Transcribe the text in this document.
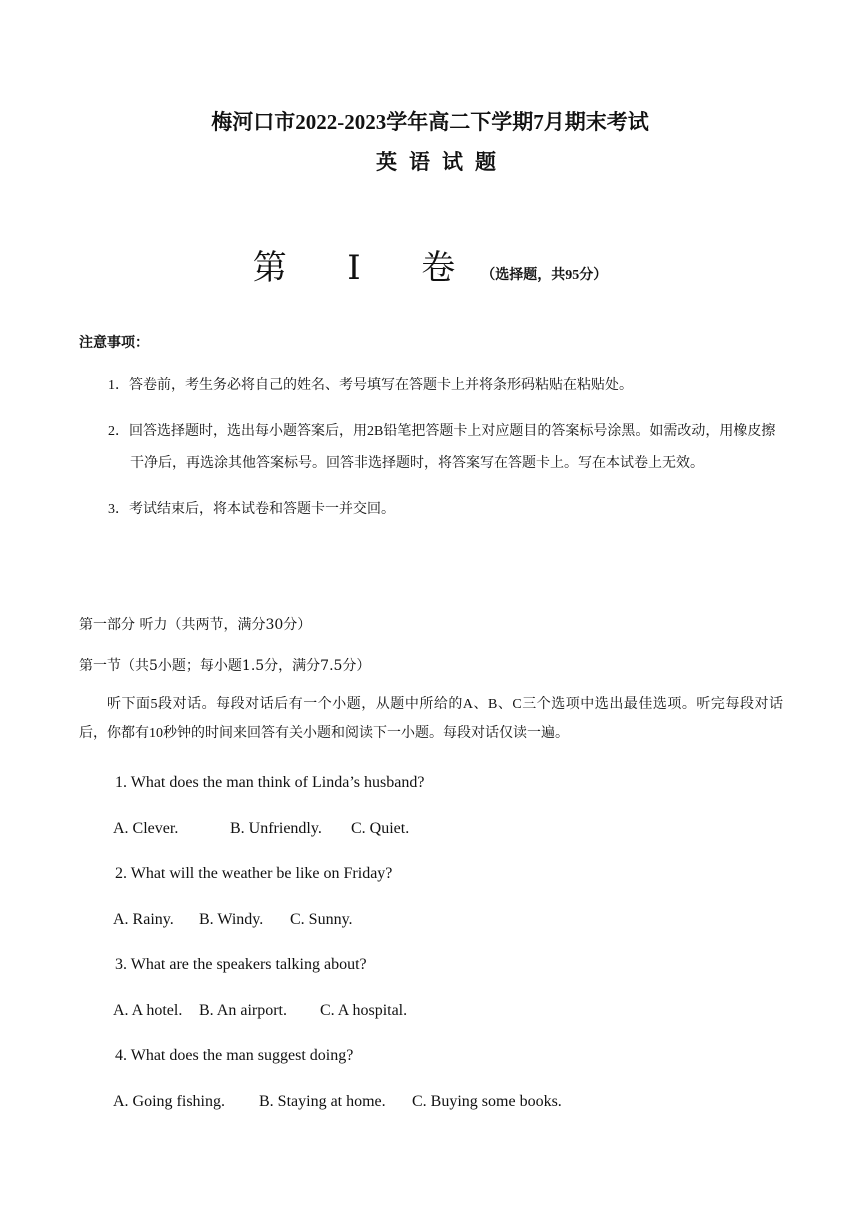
梅河口市2022-2023学年高二下学期7月期末考试
英语试题
第 Ⅰ 卷（选择题，共95分）
注意事项：
1．答卷前，考生务必将自己的姓名、考号填写在答题卡上并将条形码粘贴在粘贴处。
2．回答选择题时，选出每小题答案后，用2B铅笔把答题卡上对应题目的答案标号涂黑。如需改动，用橡皮擦干净后，再选涂其他答案标号。回答非选择题时，将答案写在答题卡上。写在本试卷上无效。
3．考试结束后，将本试卷和答题卡一并交回。
第一部分 听力（共两节，满分30分）
第一节（共5小题；每小题1.5分，满分7.5分）
听下面5段对话。每段对话后有一个小题，从题中所给的A、B、C三个选项中选出最佳选项。听完每段对话后，你都有10秒钟的时间来回答有关小题和阅读下一小题。每段对话仅读一遍。
1. What does the man think of Linda’s husband?
A. Clever.	B. Unfriendly. C. Quiet.
2. What will the weather be like on Friday?
A. Rainy. B. Windy. C. Sunny.
3. What are the speakers talking about?
A. A hotel. B. An airport. C. A hospital.
4. What does the man suggest doing?
A. Going fishing. B. Staying at home. C. Buying some books.
